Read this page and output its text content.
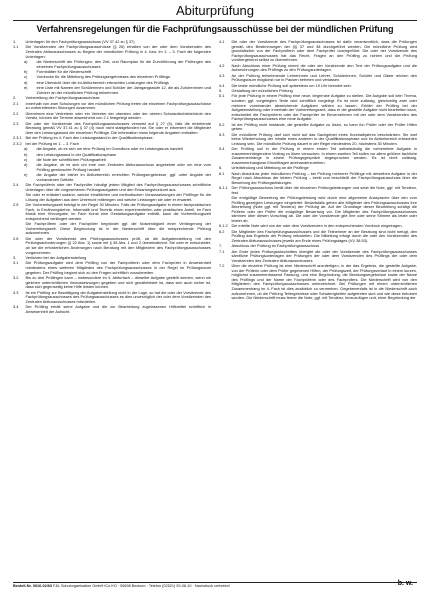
Abiturprüfung
Verfahrensregelungen für die Fachprüfungsausschüsse bei der mündlichen Prüfung
1.	Unterlagen für den Fachprüfungsausschuss (VV 37.42 zu § 37)
1.1	Die Vorsitzenden der Fachprüfungsausschüsse (§ 26) erhalten von der oder dem Vorsitzenden des Zentralen Abiturausschusses zu Beginn der mündlichen Prüfung in 4. bzw. im 1. – 3. Fach die folgenden Unterlagen:
a)	die Niederschrift der Prüfungen, den Zeit- und Raumplan für die Durchführung der Prüfungen des einzelnen Fachprüfungsausschusses
b)	Formblätter für die Niederschrift
c)	Vordrucke für die Mitteilung des Prüfungsergebnisses des einzelnen Prüflings
d)	eine Übersicht über die im Abiturbereich erbrachten Leistungen des Prüflings
e)	eine Liste mit Namen der Schülerinnen und Schüler der Jahrgangsstufe 12, die als Zuhörerinnen und Zuhörer an der mündlichen Prüfung teilnehmen.
2.	Vorbereitung der Fachprüfungsausschüsse
2.1	Innerhalb von zwei Schulungen vor den mündlichen Prüfung treten die einzelnen Fachprüfungsausschüsse zu vorbereitenden Sitzungen zusammen.
2.2	Übernimmt eine Vertreterin oder ein Vertreter der obersten oder der oberen Schulaufsichtsbehörde den Vorsitz, können die Termine abweichend von 2.1 festgelegt werden.
2.3	Die oder der Vorsitzende des Fachprüfungsausschusses verweist auf § 27 (5), falls die einleitende Beratung gemäß VV 37.41 zu § 37 (4) noch nicht stattgefunden hat. Sie oder er informiert die Mitglieder über den Leistungsstand der einzelnen Prüflinge. Die Information muss folgende Angaben enthalten:
2.3.1 Bei der Prüfung im 4. Fach den Leistungsstand in der Qualifikationsphase;
2.3.2 bei der Prüfung im 1. – 3. Fach
a)	die Angabe, ob es sich um eine Prüfung im Grundkurs oder im Leistungskurs handelt
b)	den Leistungsstand in der Qualifikationsphase
c)	die Note der schriftlichen Prüfungsarbeit
d)	die Angabe, ob es sich um eine vom Zentralen Abiturausschuss angesetzte oder um eine vom Prüfling gewünschte Prüfung handelt
e)	die Angabe der bisher im Abiturbereich erreichten Prüfungsergebnisse, ggf. unter Angabe der vorhandenen Defizite.
2.4	Die Fachprüferin oder der Fachprüfer händigt jedem Mitglied des Fachprüfungsausschusses schriftliche Unterlagen über die vorgesehenen Prüfungsaufgaben und den Erwartungshorizont aus.
Sie oder er erläutert sodann, welche inhaltlichen und methodischen Voraussetzungen der Prüflinge für die Lösung der Aufgaben aus dem Unterricht mitbringen und welche Leistungen sie oder er erwartet.
2.5	Die Vorbereitungszeit beträgt in der Regel 30 Minuten. Falls die Prüfungsaufgabe in einem fachpraktischen Fach, in Ernährungslehre, Informatik und Technik einen experimentellen oder praktischen Anteil, im Fach Musik eine Hörvorgabe, im Fach Kunst eine Gestaltungsaufgabe enthält, kann die Vorbereitungszeit entsprechend verlängert werden.
Die Fachprüferin oder der Fachprüfer begründet ggf. die Notwendigkeit einer Verlängerung der Vorbereitungszeit. Diese Begründung ist in der Niederschrift über die entsprechende Prüfung aufzunehmen.
2.6	Die oder der Vorsitzende des Prüfungsausschusses prüft, ob die Aufgabenstellung mit den Prüfungsanforderungen (§ 22 Abs. 1) sowie mit § 38 Abs. 1 und 2 übereinstimmt. Sie oder er entscheidet, ob sie die erforderlichen Änderungen nach Beratung mit den Mitgliedern des Fachprüfungsausschusses vorgenommen.
3.	Verfahren bei der Aufgabenstellung
3.1	Die Prüfungsaufgabe wird dem Prüfling von der Fachprüferin oder dem Fachprüfer in Anwesenheit mindestens eines weiteren Mitgliedes des Fachprüfungsausschusses in der Regel im Prüfungsraum gegeben. Der Prüfling beginnt sich zu den Fragen schriftlich vorzubereiten.
3.2	Bis zu drei Prüflingen kann – insbesondere im 4. Abiturfach – dieselbe Aufgabe gestellt werden, wenn sie gleichen unterrichtlichen Voraussetzungen gegeben und sich gewährleistet ist, dass sich auch sicher ist, dass sich gegenseitig keine Hilfe leisten können.
3.3	Ist ein Prüfling zur Bewältigung der Aufgabenstellung nicht in der Lage, so hat die oder der Vorsitzende des Fachprüfungsausschusses des Prüfungsausschusses es dies unverzüglich der oder dem Vorsitzenden des Zentralen Abiturausschusses mitzuteilen.
3.4	Der Prüfling erhält seine Aufgabe und die zur Bearbeitung zugelassenen Hilfsmittel schriftlich in Anwesenheit der Aufsicht.
4.1	Die oder der Vorsitzende des Fachprüfungsausschusses ist dafür verantwortlich, dass die Prüfungen gemäß den Bestimmungen der §§ 37 und 38 durchgeführt werden. Die mündliche Prüfung wird grundsätzlich von der Fachprüferin oder dem Fachprüfer durchgeführt. Die oder der Vorsitzende des Fachprüfungsausschusses hat das Recht, Fragen an den Prüfling zu richten und die Prüfung vorübergehend selbst zu übernehmen.
4.2	Nach Abschluss einer Prüfung nimmt die oder der Vorsitzende den Text der Prüfungsaufgabe und die Aufzeichnungen des Prüflings zu den Prüfungsunterlagen.
4.3	An der Prüfung teilnehmende Lehrerinnen und Lehrer, Schülerinnen, Schüler und Gäste reichen den Prüfungsraum möglichst nur in Pausen betreten und verlassen.
4.4	Die letzte mündliche Prüfung soll spätestens um 19 Uhr beendet sein.
5.	Gestaltung der mündlichen Prüfung
5.1	Für jede Prüfung in einem Prüfling eine neue, begrenzte Aufgabe zu stellen. Die Aufgabe soll kein Thema, sondern ggf. vorgelegten Texte wird schriftlich vorgelegt. Es ist nicht zulässig, gleichzeitig zwei oder mehrere voneinander abweichende Aufgaben wählen zu lassen. Erklärt der Prüfling bei der Aufgabenstellung oder innerhalb der Vorbereitungszeit, dass er die gestellte Aufgabe nicht bearbeiten kann, entscheidet die Fachprüferin oder der Fachprüfer im Einvernehmen mit der oder dem Vorsitzenden des Fachprüfungsausschusses eine neue Aufgabe.
5.2	Ist der Prüfling nicht imstande, die gestellte Aufgabe zu lösen, so kann ihn Prüfer oder der Prüfer Hilfen geben.
5.3	Die mündliche Prüfung darf sich nicht auf das Sachgebiet eines Kurshalbjahres beschränken. Sie darf keine Wiederholung der Inhalte eines anderen in der Qualifikationsphase und im Abiturbereich erbrachten Leistung sein. Die mündliche Prüfung dauert in der Regel mindestens 20, höchstens 30 Minuten.
5.4	Der Prüfling soll in der Prüfung in einem ersten Teil selbstständig die vorbereitete Aufgabe in zusammenhängendem Vortrag zu lösen versuchen. In einem zweiten Teil sollen vor allem größere fachliche Zusammenhänge in einem Prüfungsgespräch angesprochen werden. Es ist nicht zulässig, zusammenhanglose Einzelfragen aneinanderzureihen.
6.	Urteilsfindung und Mitteilung an die Prüflinge
6.1	Nach Abschluss jeder mündlichen Prüfung – bei Prüfung mehrerer Prüflinge mit derselben Aufgabe in der Regel nach Abschluss der letzten Prüfung – berät und beschließt der Fachprüfungsausschuss über die Bewertung der Prüfungsleistungen.
6.1.1 Der Prüfungsausschuss berät über die einzelnen Prüfungsleistungen und setzt die Note, ggf. mit Tendenz, fest.
Die endgültige Bewertung der Prüfungsleistung wird durch eine allgemeine Aussprache über den vom Prüfling gezeigten Leistungen eingeleitet. Bedarfsfalls geben alle Mitglieder des Prüfungsausschusses ihre Beurteilung (Note ggf. mit Tendenz) der Prüfung ab. Auf der Grundlage dieser Beurteilung schlägt die Prüferin oder der Prüfer die endgültige Bewertung vor. Die Mitglieder des Fachprüfungsausschusses stimmen über diesen Vorschlag ab. Die oder der Vorsitzende gibt ihre oder seine Stimme als letzte oder letzter ab.
6.1.2 Die erteilte Note wird von der oder dem Vorsitzenden in den entsprechenden Vordruck eingetragen.
6.2	Die Mitglieder des Fachprüfungsausschusses und die Teilnehmer an der Beratung sind nicht befugt, den Prüfling das Ergebnis der Prüfung mitzuteilen. Die Mitteilung erfolgt durch die oder den Vorsitzenden des Zentralen Abiturausschusses jeweils am Ende eines Prüfungstages (VV 38.53).
7.	Abschluss der Prüfung im Fachprüfungsausschuss
7.1	Am Ende jedes Prüfungsabschnittes übergibt die oder der Vorsitzende des Fachprüfungsausschusses sämtliche Prüfungsunterlagen der Prüfungen der oder dem Vorsitzenden des Prüflings der oder dem Vorsitzenden des Zentralen Abiturausschusses.
7.2	Über die einzelne Prüfung ist eine Niederschrift anzufertigen, in der das Ergebnis, die gestellte Aufgabe, von der Prüferin oder dem Prüfer gegebenen Hilfen, der Prüfungszeit, der Prüfungsverlauf in einem kurzen, möglichst zusammenfassend Fassung, und eine Begründung, die Beratungsergebnisse sowie der Name des Prüflings und der Name der Fachprüferin oder des Fachprüfers. Die Niederschrift wird von den Mitgliedern des Fachprüfungsausschusses unterzeichnet. Bei Prüfungen mit einem unterrichtlichen Zusammenhang im 4. Fach ist dies zusätzlich zu vermerken. Gegebenenfalls ist in die Niederschrift auch aufzunehmen, ob die Prüfung Teilergebnisse oder Schwierigkeiten aufgetreten sind und wie diese behoben wurden. Die Niederschrift muss ferner die Note, ggf. mit Tendenz, hinzuzufügen und, einer Begründung der
Bestell-Nr. 0616-02/63 F&L Schulorganisation GmbH+Co.KG · 59698 Beckum · Telefon (02521) 93-06-10 · Nachdruck verboten!	b. w.
